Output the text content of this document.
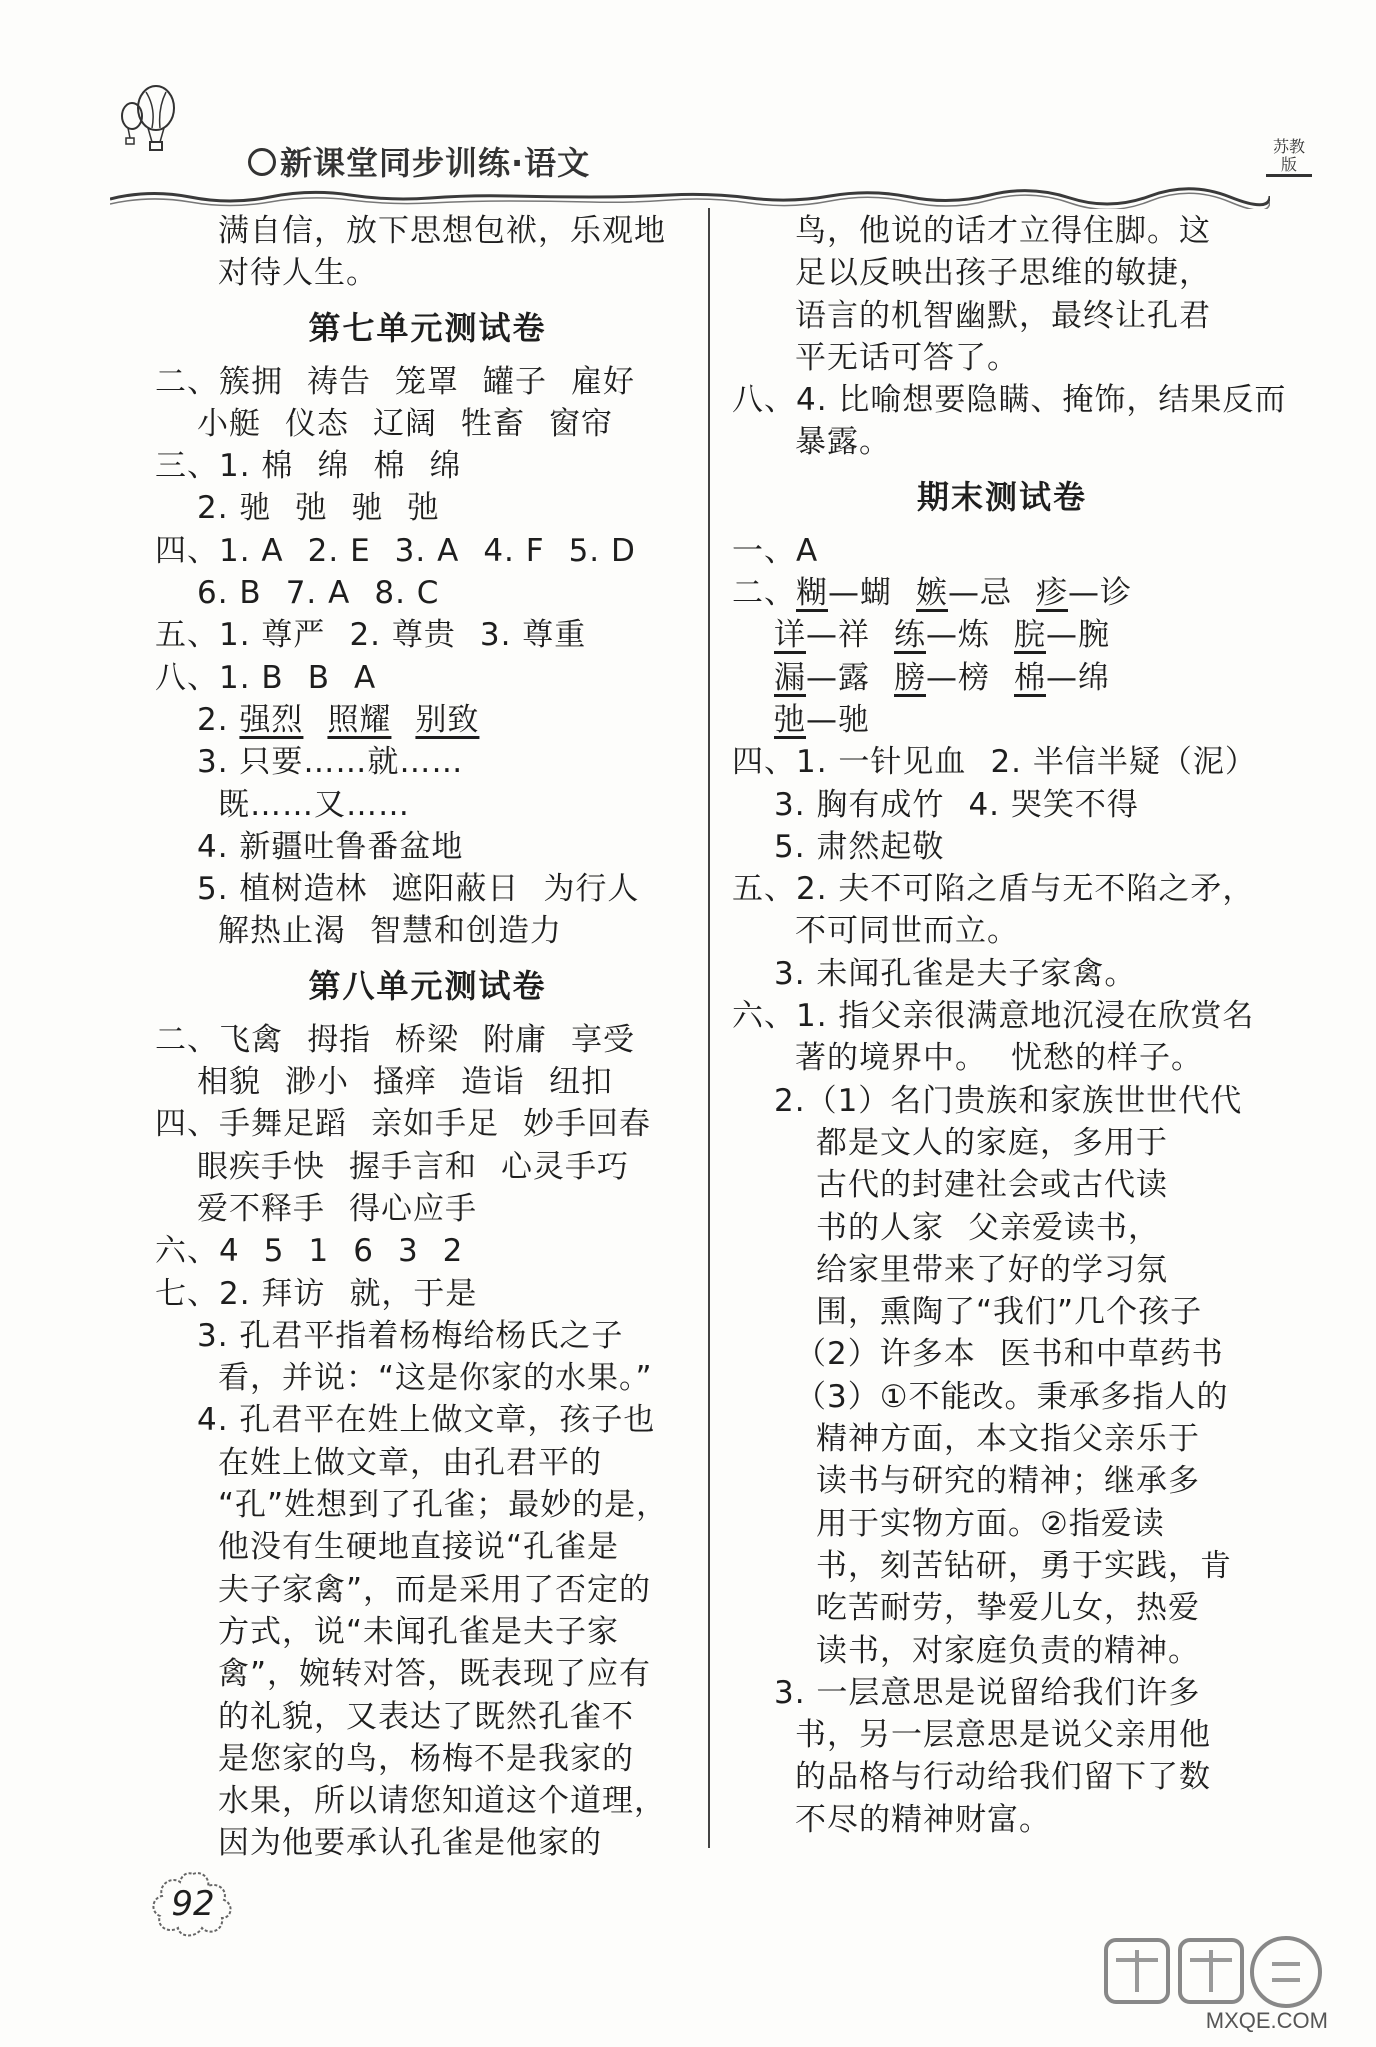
新课堂同步训练·语文	苏教版
满自信，放下思想包袱，乐观地
对待人生。
第七单元测试卷
二、簇拥 祷告 笼罩 罐子 雇好
小艇 仪态 辽阔 牲畜 窗帘
三、1. 棉 绵 棉 绵
2. 驰 弛 驰 弛
四、1. A 2. E 3. A 4. F 5. D
6. B 7. A 8. C
五、1. 尊严 2. 尊贵 3. 尊重
八、1. B B A
2. 强烈 照耀 别致
3. 只要……就……
既……又……
4. 新疆吐鲁番盆地
5. 植树造林 遮阳蔽日 为行人
解热止渴 智慧和创造力
第八单元测试卷
二、飞禽 拇指 桥梁 附庸 享受
相貌 渺小 搔痒 造诣 纽扣
四、手舞足蹈 亲如手足 妙手回春
眼疾手快 握手言和 心灵手巧
爱不释手 得心应手
六、4 5 1 6 3 2
七、2. 拜访 就，于是
3. 孔君平指着杨梅给杨氏之子
看，并说：“这是你家的水果。”
4. 孔君平在姓上做文章，孩子也
在姓上做文章，由孔君平的
“孔”姓想到了孔雀；最妙的是，
他没有生硬地直接说“孔雀是
夫子家禽”，而是采用了否定的
方式，说“未闻孔雀是夫子家
禽”，婉转对答，既表现了应有
的礼貌，又表达了既然孔雀不
是您家的鸟，杨梅不是我家的
水果，所以请您知道这个道理，
因为他要承认孔雀是他家的
鸟，他说的话才立得住脚。这
足以反映出孩子思维的敏捷，
语言的机智幽默，最终让孔君
平无话可答了。
八、4. 比喻想要隐瞒、掩饰，结果反而
暴露。
期末测试卷
一、A
二、糊—蝴 嫉—忌 疹—诊
详—祥 练—炼 脘—腕
漏—露 膀—榜 棉—绵
弛—驰
四、1. 一针见血 2. 半信半疑（泥）
3. 胸有成竹 4. 哭笑不得
5. 肃然起敬
五、2. 夫不可陷之盾与无不陷之矛，
不可同世而立。
3. 未闻孔雀是夫子家禽。
六、1. 指父亲很满意地沉浸在欣赏名
著的境界中。 忧愁的样子。
2.（1）名门贵族和家族世世代代
都是文人的家庭，多用于
古代的封建社会或古代读
书的人家 父亲爱读书，
给家里带来了好的学习氛
围，熏陶了“我们”几个孩子
（2）许多本 医书和中草药书
（3）①不能改。秉承多指人的
精神方面，本文指父亲乐于
读书与研究的精神；继承多
用于实物方面。②指爱读
书，刻苦钻研，勇于实践，肯
吃苦耐劳，挚爱儿女，热爱
读书，对家庭负责的精神。
3. 一层意思是说留给我们许多
书，另一层意思是说父亲用他
的品格与行动给我们留下了数
不尽的精神财富。
92
MXQE.COM
